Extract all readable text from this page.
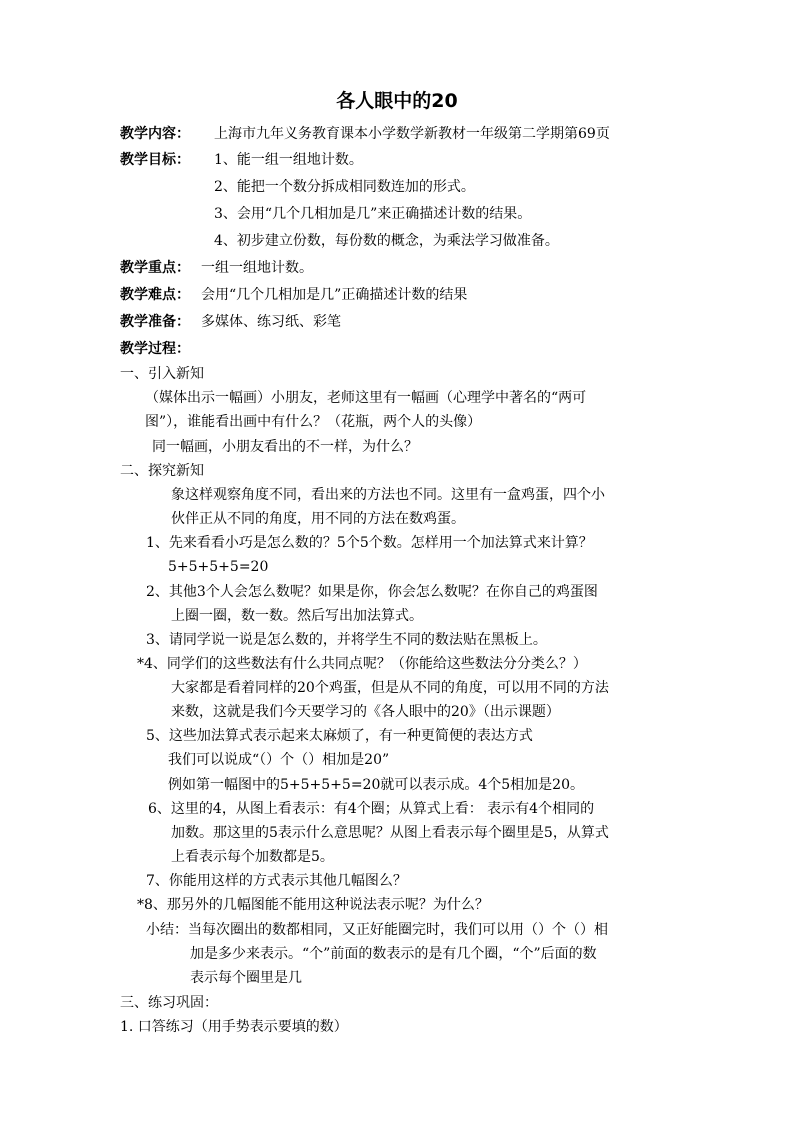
各人眼中的20
教学内容： 上海市九年义务教育课本小学数学新教材一年级第二学期第69页
教学目标： 1、能一组一组地计数。
2、能把一个数分拆成相同数连加的形式。
3、会用“几个几相加是几”来正确描述计数的结果。
4、初步建立份数，每份数的概念，为乘法学习做准备。
教学重点： 一组一组地计数。
教学难点： 会用“几个几相加是几”正确描述计数的结果
教学准备： 多媒体、练习纸、彩笔
教学过程：
一、引入新知
（媒体出示一幅画）小朋友，老师这里有一幅画（心理学中著名的“两可
图”），谁能看出画中有什么？（花瓶，两个人的头像）
同一幅画，小朋友看出的不一样，为什么？
二、探究新知
象这样观察角度不同，看出来的方法也不同。这里有一盒鸡蛋，四个小
伙伴正从不同的角度，用不同的方法在数鸡蛋。
1、先来看看小巧是怎么数的？5个5个数。怎样用一个加法算式来计算？
5+5+5+5=20
2、其他3个人会怎么数呢？如果是你，你会怎么数呢？在你自己的鸡蛋图
上圈一圈，数一数。然后写出加法算式。
3、请同学说一说是怎么数的，并将学生不同的数法贴在黑板上。
*4、同学们的这些数法有什么共同点呢？（你能给这些数法分分类么？）
大家都是看着同样的20个鸡蛋，但是从不同的角度，可以用不同的方法
来数，这就是我们今天要学习的《各人眼中的20》（出示课题）
5、这些加法算式表示起来太麻烦了，有一种更简便的表达方式
我们可以说成“（）个（）相加是20”
例如第一幅图中的5+5+5+5=20就可以表示成。4个5相加是20。
6、这里的4，从图上看表示：有4个圈；从算式上看： 表示有4个相同的
加数。那这里的5表示什么意思呢？从图上看表示每个圈里是5，从算式
上看表示每个加数都是5。
7、你能用这样的方式表示其他几幅图么？
*8、那另外的几幅图能不能用这种说法表示呢？为什么？
小结：当每次圈出的数都相同，又正好能圈完时，我们可以用（）个（）相
加是多少来表示。“个”前面的数表示的是有几个圈，“个”后面的数
表示每个圈里是几
三、练习巩固：
1. 口答练习（用手势表示要填的数）
